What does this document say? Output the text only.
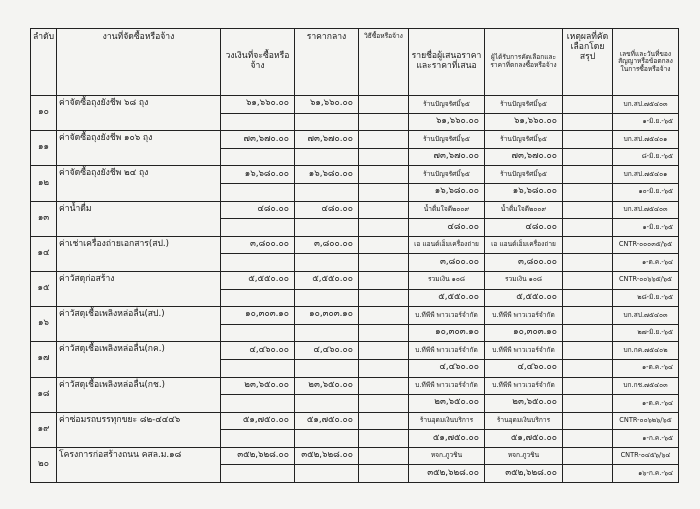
ลำดับ	งานที่จัดซื้อหรือจ้าง	วงเงินที่จะซื้อหรือจ้าง	ราคากลาง	วิธีซื้อหรือจ้าง	รายชื่อผู้เสนอราคาและราคาที่เสนอ	ผู้ได้รับการคัดเลือกและราคาที่ตกลงซื้อหรือจ้าง	เหตุผลที่คัดเลือกโดยสรุป	เลขที่และวันที่ของสัญญาหรือข้อตกลงในการซื้อหรือจ้าง
๑๐	ค่าจัดซื้อถุงยังชีพ ๖๘ ถุง	๖๑,๖๖๐.๐๐	๖๑,๖๖๐.๐๐		ร้านปัญจรัศมิ์๖๕	ร้านปัญจรัศมิ์๖๕		บก.สป.๗๕๔๐๓
					๖๑,๖๖๐.๐๐	๖๑,๖๖๐.๐๐		๑-มิ.ย.-๖๕
๑๑	ค่าจัดซื้อถุงยังชีพ ๑๐๖ ถุง	๗๓,๖๗๐.๐๐	๗๓,๖๗๐.๐๐		ร้านปัญจรัศมิ์๖๕	ร้านปัญจรัศมิ์๖๕		บก.สป.๗๕๔๐๑
					๗๓,๖๗๐.๐๐	๗๓,๖๗๐.๐๐		๘-มิ.ย.-๖๕
๑๒	ค่าจัดซื้อถุงยังชีพ ๒๔ ถุง	๑๖,๖๘๐.๐๐	๑๖,๖๘๐.๐๐		ร้านปัญจรัศมิ์๖๕	ร้านปัญจรัศมิ์๖๕		บก.สป.๗๕๔๐๑
					๑๖,๖๘๐.๐๐	๑๖,๖๘๐.๐๐		๑๐-มิ.ย.-๖๕
๑๓	ค่าน้ำดื่ม	๔๘๐.๐๐	๔๘๐.๐๐		น้ำดื่มใจดี๒๐๐๙	น้ำดื่มใจดี๒๐๐๙		บก.สป.๗๕๔๐๓
					๔๘๐.๐๐	๔๘๐.๐๐		๑-มิ.ย.-๖๕
๑๔	ค่าเช่าเครื่องถ่ายเอกสาร(สป.)	๓,๘๐๐.๐๐	๓,๘๐๐.๐๐		เอ แอนด์เอ็มเครื่องถ่าย	เอ แอนด์เอ็มเครื่องถ่าย		CNTR-๐๐๐๓๕/๖๕
					๓,๘๐๐.๐๐	๓,๘๐๐.๐๐		๑-ต.ค.-๖๔
๑๕	ค่าวัสดุก่อสร้าง	๕,๕๕๐.๐๐	๕,๕๕๐.๐๐		รวมเงิน ๑๐๘	รวมเงิน ๑๐๘		CNTR-๐๐๖๖๕/๖๕
					๕,๕๕๐.๐๐	๕,๕๕๐.๐๐		๒๘-มิ.ย.-๖๕
๑๖	ค่าวัสดุเชื้อเพลิงหล่อลื่น(สป.)	๑๐,๓๐๓.๑๐	๑๐,๓๐๓.๑๐		บ.ทีพีพี พาวเวอร์จำกัด	บ.ทีพีพี พาวเวอร์จำกัด		บก.สป.๗๕๔๐๓
					๑๐,๓๐๓.๑๐	๑๐,๓๐๓.๑๐		๒๗-มิ.ย.-๖๕
๑๗	ค่าวัสดุเชื้อเพลิงหล่อลื่น(กค.)	๔,๔๖๐.๐๐	๔,๔๖๐.๐๐		บ.ทีพีพี พาวเวอร์จำกัด	บ.ทีพีพี พาวเวอร์จำกัด		บก.กค.๗๕๔๐๒
					๔,๔๖๐.๐๐	๔,๔๖๐.๐๐		๑-ต.ค.-๖๔
๑๘	ค่าวัสดุเชื้อเพลิงหล่อลื่น(กช.)	๒๓,๖๕๐.๐๐	๒๓,๖๕๐.๐๐		บ.ทีพีพี พาวเวอร์จำกัด	บ.ทีพีพี พาวเวอร์จำกัด		บก.กช.๗๕๔๐๓
					๒๓,๖๕๐.๐๐	๒๓,๖๕๐.๐๐		๑-ต.ค.-๖๔
๑๙	ค่าซ่อมรถบรรทุกขยะ ๘๒-๔๔๔๖	๕๑,๗๕๐.๐๐	๕๑,๗๕๐.๐๐		ร้านอุดมเงินบริการ	ร้านอุดมเงินบริการ		CNTR-๐๐๖๒๖/๖๕
					๕๑,๗๕๐.๐๐	๕๑,๗๕๐.๐๐		๑-ก.ค.-๖๕
๒๐	โครงการก่อสร้างถนน คสล.ม.๑๘	๓๕๒,๖๒๘.๐๐	๓๕๒,๖๒๘.๐๐		หจก.ภูวชิน	หจก.ภูวชิน		CNTR-๐๔๕๖/๖๔
					๓๕๒,๖๒๘.๐๐	๓๕๒,๖๒๘.๐๐		๑๖-ก.ค.-๖๔
